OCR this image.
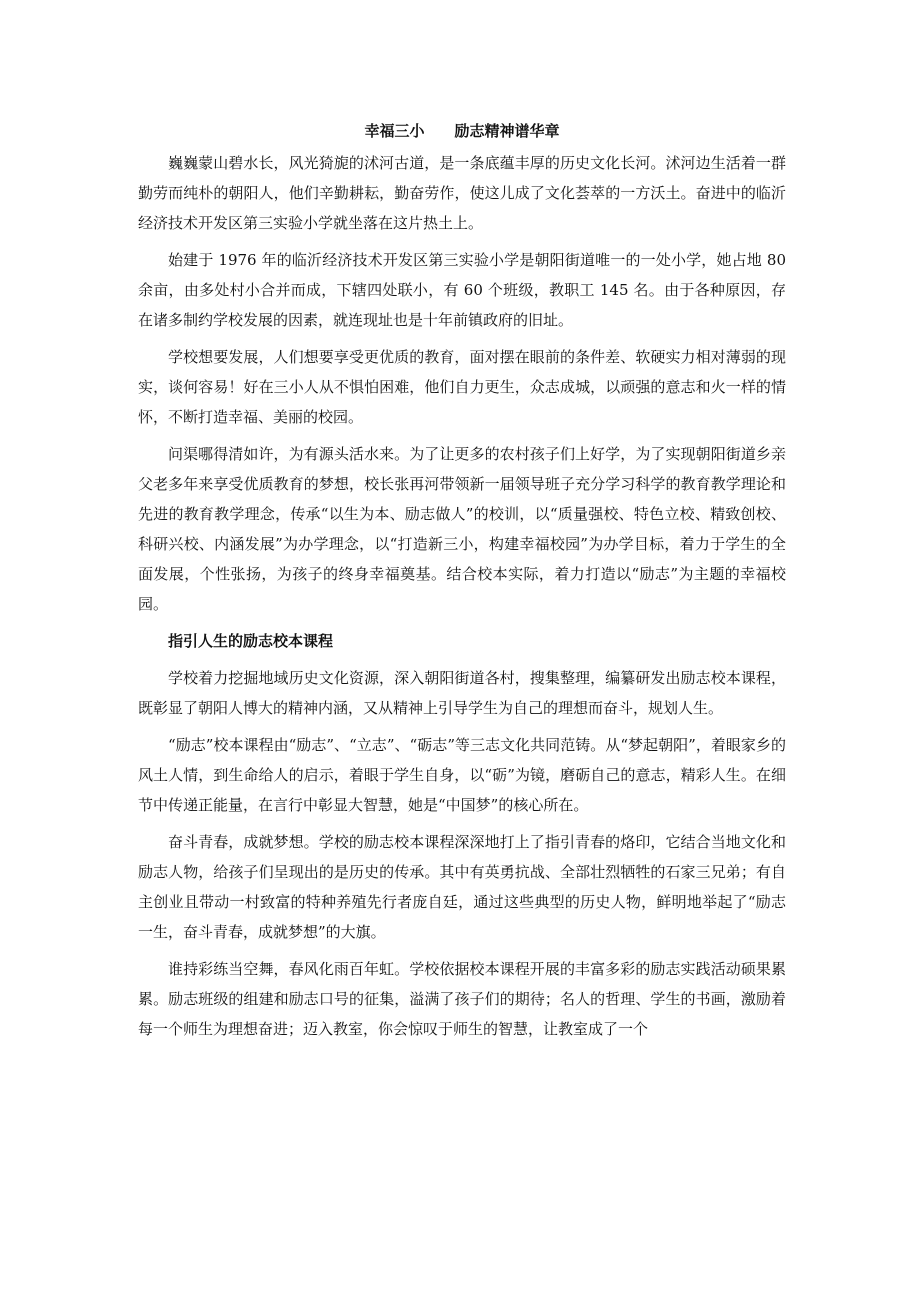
幸福三小　　励志精神谱华章

巍巍蒙山碧水长，风光猗旎的沭河古道，是一条底蕴丰厚的历史文化长河。沭河边生活着一群勤劳而纯朴的朝阳人，他们辛勤耕耘，勤奋劳作，使这儿成了文化荟萃的一方沃土。奋进中的临沂经济技术开发区第三实验小学就坐落在这片热土上。

始建于 1976 年的临沂经济技术开发区第三实验小学是朝阳街道唯一的一处小学，她占地 80 余亩，由多处村小合并而成，下辖四处联小，有 60 个班级，教职工 145 名。由于各种原因，存在诸多制约学校发展的因素，就连现址也是十年前镇政府的旧址。

学校想要发展，人们想要享受更优质的教育，面对摆在眼前的条件差、软硬实力相对薄弱的现实，谈何容易！好在三小人从不惧怕困难，他们自力更生，众志成城，以顽强的意志和火一样的情怀，不断打造幸福、美丽的校园。

问渠哪得清如许，为有源头活水来。为了让更多的农村孩子们上好学，为了实现朝阳街道乡亲父老多年来享受优质教育的梦想，校长张再河带领新一届领导班子充分学习科学的教育教学理论和先进的教育教学理念，传承“以生为本、励志做人”的校训，以“质量强校、特色立校、精致创校、科研兴校、内涵发展”为办学理念，以“打造新三小，构建幸福校园”为办学目标，着力于学生的全面发展，个性张扬，为孩子的终身幸福奠基。结合校本实际，着力打造以“励志”为主题的幸福校园。

指引人生的励志校本课程

学校着力挖掘地域历史文化资源，深入朝阳街道各村，搜集整理，编纂研发出励志校本课程，既彰显了朝阳人博大的精神内涵，又从精神上引导学生为自己的理想而奋斗，规划人生。

“励志”校本课程由“励志”、“立志”、“砺志”等三志文化共同范铸。从“梦起朝阳”，着眼家乡的风土人情，到生命给人的启示，着眼于学生自身，以“砺”为镜，磨砺自己的意志，精彩人生。在细节中传递正能量，在言行中彰显大智慧，她是“中国梦”的核心所在。

奋斗青春，成就梦想。学校的励志校本课程深深地打上了指引青春的烙印，它结合当地文化和励志人物，给孩子们呈现出的是历史的传承。其中有英勇抗战、全部壮烈牺牲的石家三兄弟；有自主创业且带动一村致富的特种养殖先行者庞自廷，通过这些典型的历史人物，鲜明地举起了“励志一生，奋斗青春，成就梦想”的大旗。

谁持彩练当空舞，春风化雨百年虹。学校依据校本课程开展的丰富多彩的励志实践活动硕果累累。励志班级的组建和励志口号的征集，溢满了孩子们的期待；名人的哲理、学生的书画，激励着每一个师生为理想奋进；迈入教室，你会惊叹于师生的智慧，让教室成了一个
